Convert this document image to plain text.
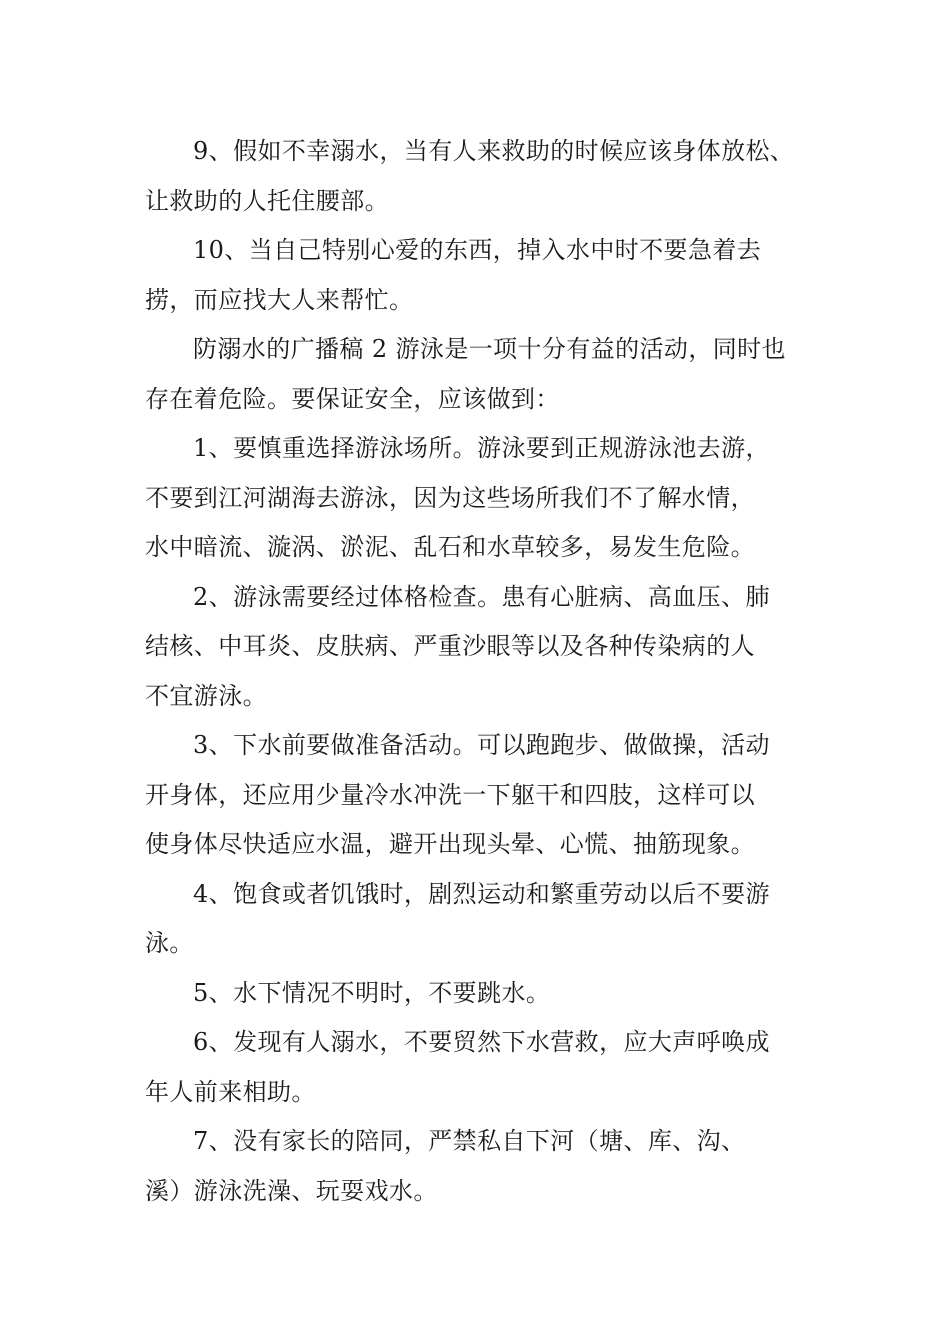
9、假如不幸溺水，当有人来救助的时候应该身体放松、
让救助的人托住腰部。
10、当自己特别心爱的东西，掉入水中时不要急着去
捞，而应找大人来帮忙。
防溺水的广播稿 2 游泳是一项十分有益的活动，同时也
存在着危险。要保证安全，应该做到：
1、要慎重选择游泳场所。游泳要到正规游泳池去游，
不要到江河湖海去游泳，因为这些场所我们不了解水情，
水中暗流、漩涡、淤泥、乱石和水草较多，易发生危险。
2、游泳需要经过体格检查。患有心脏病、高血压、肺
结核、中耳炎、皮肤病、严重沙眼等以及各种传染病的人
不宜游泳。
3、下水前要做准备活动。可以跑跑步、做做操，活动
开身体，还应用少量冷水冲洗一下躯干和四肢，这样可以
使身体尽快适应水温，避开出现头晕、心慌、抽筋现象。
4、饱食或者饥饿时，剧烈运动和繁重劳动以后不要游
泳。
5、水下情况不明时，不要跳水。
6、发现有人溺水，不要贸然下水营救，应大声呼唤成
年人前来相助。
7、没有家长的陪同，严禁私自下河（塘、库、沟、
溪）游泳洗澡、玩耍戏水。
